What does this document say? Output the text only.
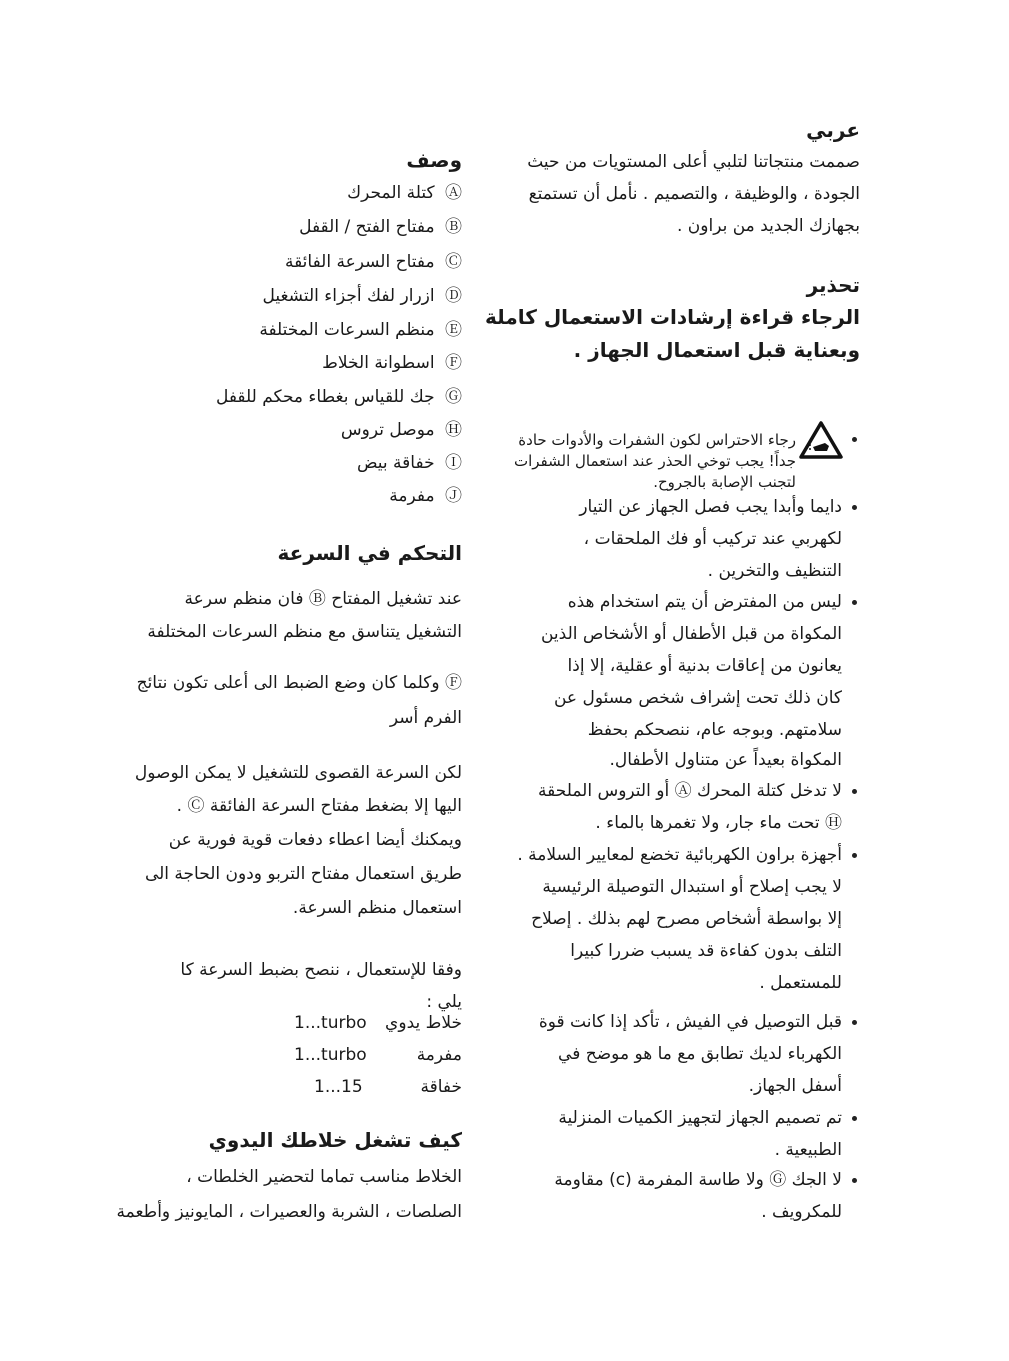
عربي
صممت منتجاتنا لتلبي أعلى المستويات من حيث
الجودة ، والوظيفة ، والتصميم . نأمل أن تستمتع
بجهازك الجديد من براون .
تحذير
الرجاء قراءة إرشادات الاستعمال كاملة
وبعناية قبل استعمال الجهاز .
رجاء الاحتراس لكون الشفرات والأدوات حادة
جداً! يجب توخي الحذر عند استعمال الشفرات
لتجنب الإصابة بالجروح.
دايما وأبدا يجب فصل الجهاز عن التيار
لكهربي عند تركيب أو فك الملحقات ،
التنظيف والتخرين .
ليس من المفترض أن يتم استخدام هذه
المكواة من قبل الأطفال أو الأشخاص الذين
يعانون من إعاقات بدنية أو عقلية، إلا إذا
كان ذلك تحت إشراف شخص مسئول عن
سلامتهم. وبوجه عام، ننصحكم بحفظ
المكواة بعيداً عن متناول الأطفال.
لا تدخل كتلة المحرك Ⓐ أو التروس الملحقة
Ⓗ تحت ماء جار، ولا تغمرها بالماء .
أجهزة براون الكهربائية تخضع لمعايير السلامة .
لا يجب إصلاح أو استبدال التوصيلة الرئيسية
إلا بواسطة أشخاص مصرح لهم بذلك . إصلاح
التلف بدون كفاءة قد يسبب ضررا كبيرا
للمستعمل .
قبل التوصيل في الفيش ، تأكد إذا كانت قوة
الكهرباء لديك تطابق مع ما هو موضح في
أسفل الجهاز.
تم تصميم الجهاز لتجهيز الكميات المنزلية
الطبيعية .
لا الجك Ⓖ ولا طاسة المفرمة (c) مقاومة
للمكرويف .
وصف
Ⓐ كتلة المحرك
Ⓑ مفتاح الفتح / القفل
Ⓒ مفتاح السرعة الفائقة
Ⓓ ازرار لفك أجزاء التشغيل
Ⓔ منظم السرعات المختلفة
Ⓕ اسطوانة الخلاط
Ⓖ جك للقياس بغطاء محكم للقفل
Ⓗ موصل تروس
Ⓘ خفاقة بيض
Ⓙ مفرمة
التحكم في السرعة
عند تشغيل المفتاح Ⓑ فان منظم سرعة
التشغيل يتناسق مع منظم السرعات المختلفة
Ⓕ وكلما كان وضع الضبط الى أعلى تكون نتائج
الفرم أسر
لكن السرعة القصوى للتشغيل لا يمكن الوصول
اليها إلا بضغط مفتاح السرعة الفائقة Ⓒ .
ويمكنك أيضا اعطاء دفعات قوية فورية عن
طريق استعمال مفتاح التربو ودون الحاجة الى
استعمال منظم السرعة.
وفقا للإستعمال ، ننصح بضبط السرعة كا
يلي :
خلاط يدوي1...turbo
مفرمة1...turbo
خفاقة1...15
كيف تشغل خلاطك اليدوي
الخلاط مناسب تماما لتحضير الخلطات ،
الصلصات ، الشربة والعصيرات ، المايونيز وأطعمة
